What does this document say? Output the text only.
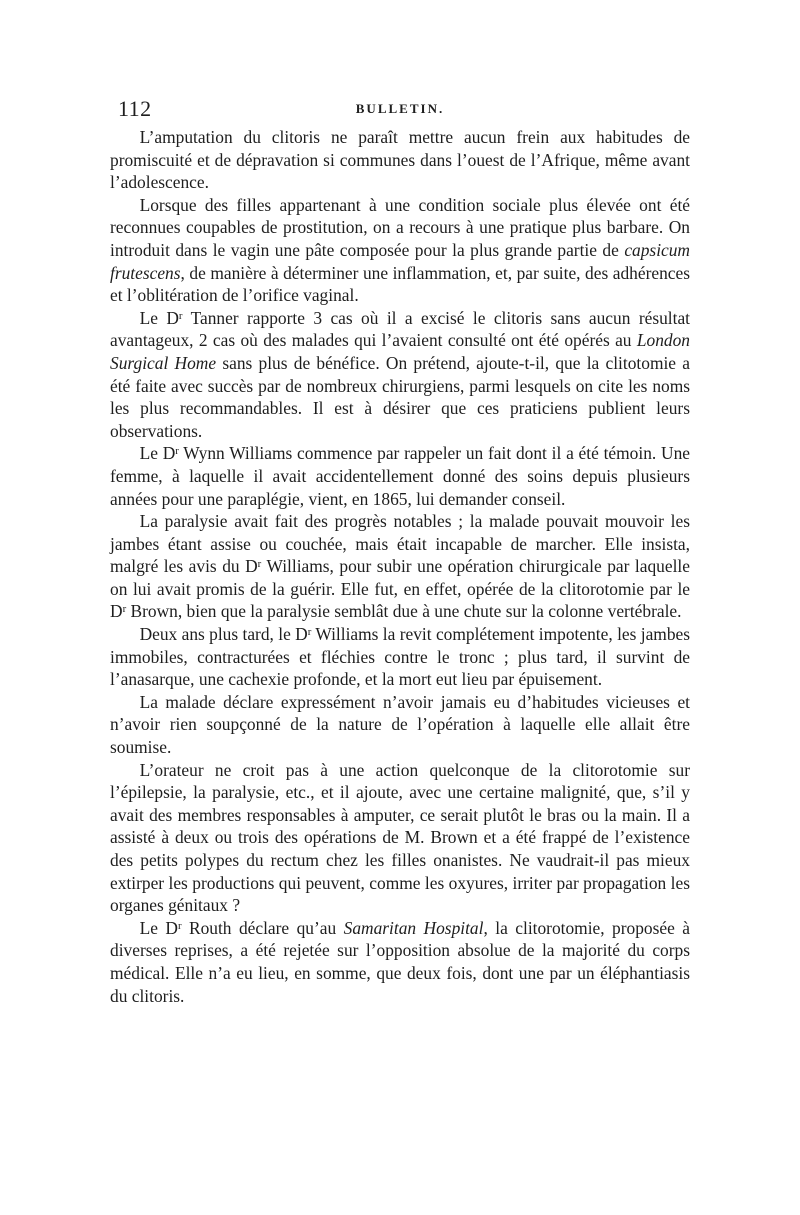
112	BULLETIN.

L’amputation du clitoris ne paraît mettre aucun frein aux habitudes de promiscuité et de dépravation si communes dans l’ouest de l’Afrique, même avant l’adolescence.

Lorsque des filles appartenant à une condition sociale plus élevée ont été reconnues coupables de prostitution, on a recours à une pratique plus barbare. On introduit dans le vagin une pâte composée pour la plus grande partie de capsicum frutescens, de manière à déterminer une inflammation, et, par suite, des adhérences et l’oblitération de l’orifice vaginal.

Le $D^r$ Tanner rapporte 3 cas où il a excisé le clitoris sans aucun résultat avantageux, 2 cas où des malades qui l’avaient consulté ont été opérés au London Surgical Home sans plus de bénéfice. On prétend, ajoute-t-il, que la clitotomie a été faite avec succès par de nombreux chirurgiens, parmi lesquels on cite les noms les plus recommandables. Il est à désirer que ces praticiens publient leurs observations.

Le $D^r$ Wynn Williams commence par rappeler un fait dont il a été témoin. Une femme, à laquelle il avait accidentellement donné des soins depuis plusieurs années pour une paraplégie, vient, en 1865, lui demander conseil.

La paralysie avait fait des progrès notables ; la malade pouvait mouvoir les jambes étant assise ou couchée, mais était incapable de marcher. Elle insista, malgré les avis du $D^r$ Williams, pour subir une opération chirurgicale par laquelle on lui avait promis de la guérir. Elle fut, en effet, opérée de la clitorotomie par le $D^r$ Brown, bien que la paralysie semblât due à une chute sur la colonne vertébrale.

Deux ans plus tard, le $D^r$ Williams la revit complétement impotente, les jambes immobiles, contracturées et fléchies contre le tronc ; plus tard, il survint de l’anasarque, une cachexie profonde, et la mort eut lieu par épuisement.

La malade déclare expressément n’avoir jamais eu d’habitudes vicieuses et n’avoir rien soupçonné de la nature de l’opération à laquelle elle allait être soumise.

L’orateur ne croit pas à une action quelconque de la clitorotomie sur l’épilepsie, la paralysie, etc., et il ajoute, avec une certaine malignité, que, s’il y avait des membres responsables à amputer, ce serait plutôt le bras ou la main. Il a assisté à deux ou trois des opérations de M. Brown et a été frappé de l’existence des petits polypes du rectum chez les filles onanistes. Ne vaudrait-il pas mieux extirper les productions qui peuvent, comme les oxyures, irriter par propagation les organes génitaux ?

Le $D^r$ Routh déclare qu’au Samaritan Hospital, la clitorotomie, proposée à diverses reprises, a été rejetée sur l’opposition absolue de la majorité du corps médical. Elle n’a eu lieu, en somme, que deux fois, dont une par un éléphantiasis du clitoris.
